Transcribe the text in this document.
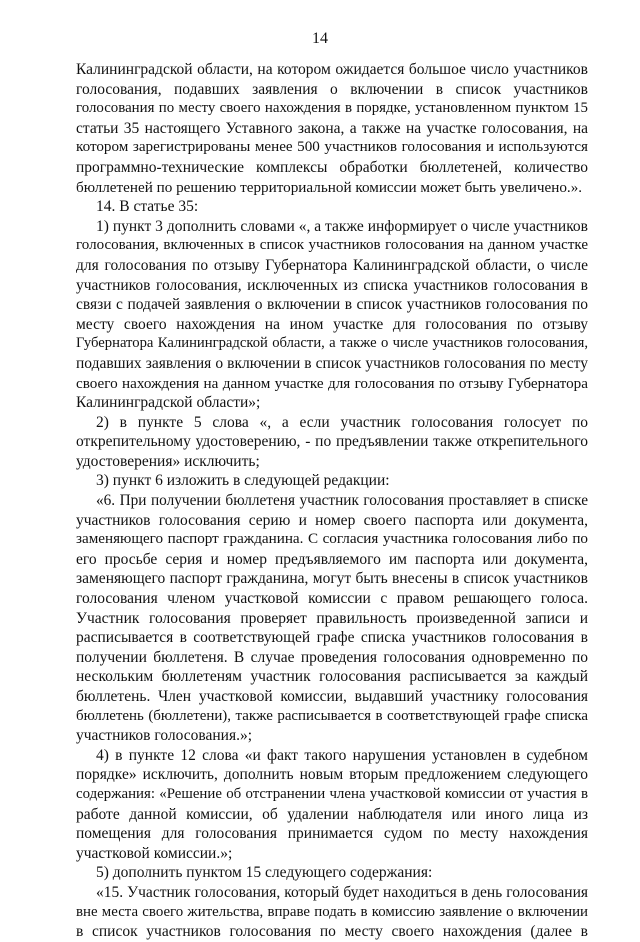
14
Калининградской области, на котором ожидается большое число участников
голосования, подавших заявления о включении в список участников
голосования по месту своего нахождения в порядке, установленном пунктом 15
статьи 35 настоящего Уставного закона, а также на участке голосования, на
котором зарегистрированы менее 500 участников голосования и используются
программно-технические комплексы обработки бюллетеней, количество
бюллетеней по решению территориальной комиссии может быть увеличено.».
14. В статье 35:
1) пункт 3 дополнить словами «, а также информирует о числе участников
голосования, включенных в список участников голосования на данном участке
для голосования по отзыву Губернатора Калининградской области, о числе
участников голосования, исключенных из списка участников голосования в
связи с подачей заявления о включении в список участников голосования по
месту своего нахождения на ином участке для голосования по отзыву
Губернатора Калининградской области, а также о числе участников голосования,
подавших заявления о включении в список участников голосования по месту
своего нахождения на данном участке для голосования по отзыву Губернатора
Калининградской области»;
2) в пункте 5 слова «, а если участник голосования голосует по
открепительному удостоверению, - по предъявлении также открепительного
удостоверения» исключить;
3) пункт 6 изложить в следующей редакции:
«6. При получении бюллетеня участник голосования проставляет в списке
участников голосования серию и номер своего паспорта или документа,
заменяющего паспорт гражданина. С согласия участника голосования либо по
его просьбе серия и номер предъявляемого им паспорта или документа,
заменяющего паспорт гражданина, могут быть внесены в список участников
голосования членом участковой комиссии с правом решающего голоса.
Участник голосования проверяет правильность произведенной записи и
расписывается в соответствующей графе списка участников голосования в
получении бюллетеня. В случае проведения голосования одновременно по
нескольким бюллетеням участник голосования расписывается за каждый
бюллетень. Член участковой комиссии, выдавший участнику голосования
бюллетень (бюллетени), также расписывается в соответствующей графе списка
участников голосования.»;
4) в пункте 12 слова «и факт такого нарушения установлен в судебном
порядке» исключить, дополнить новым вторым предложением следующего
содержания: «Решение об отстранении члена участковой комиссии от участия в
работе данной комиссии, об удалении наблюдателя или иного лица из
помещения для голосования принимается судом по месту нахождения
участковой комиссии.»;
5) дополнить пунктом 15 следующего содержания:
«15. Участник голосования, который будет находиться в день голосования
вне места своего жительства, вправе подать в комиссию заявление о включении
в список участников голосования по месту своего нахождения (далее в
